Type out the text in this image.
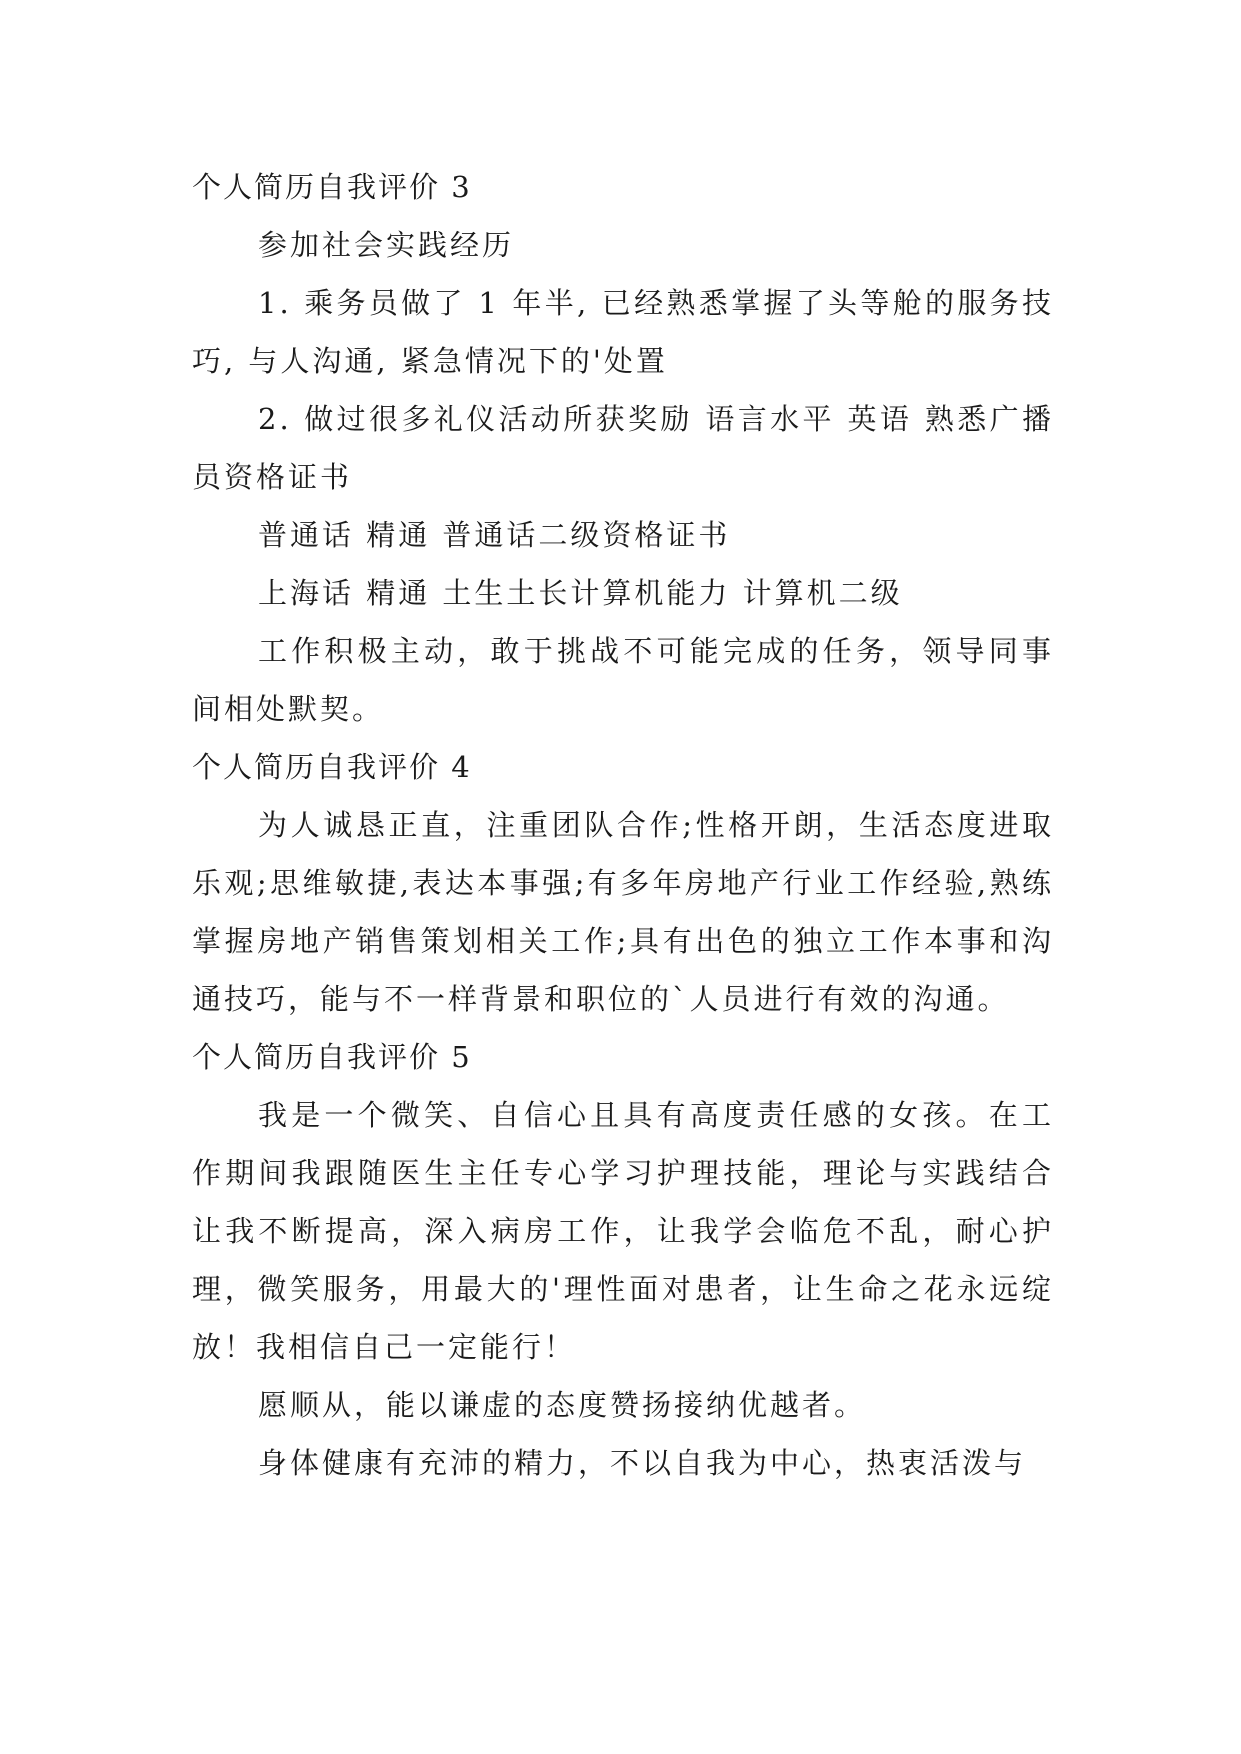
个人简历自我评价 3

参加社会实践经历

1. 乘务员做了 1 年半, 已经熟悉掌握了头等舱的服务技巧, 与人沟通, 紧急情况下的'处置

2. 做过很多礼仪活动所获奖励 语言水平 英语 熟悉广播员资格证书

普通话 精通 普通话二级资格证书

上海话 精通 土生土长计算机能力 计算机二级

工作积极主动，敢于挑战不可能完成的任务，领导同事间相处默契。

个人简历自我评价 4

为人诚恳正直，注重团队合作;性格开朗，生活态度进取乐观;思维敏捷,表达本事强;有多年房地产行业工作经验,熟练掌握房地产销售策划相关工作;具有出色的独立工作本事和沟通技巧，能与不一样背景和职位的`人员进行有效的沟通。

个人简历自我评价 5

我是一个微笑、自信心且具有高度责任感的女孩。在工作期间我跟随医生主任专心学习护理技能，理论与实践结合让我不断提高，深入病房工作，让我学会临危不乱，耐心护理，微笑服务，用最大的'理性面对患者，让生命之花永远绽放！我相信自己一定能行！

愿顺从，能以谦虚的态度赞扬接纳优越者。

身体健康有充沛的精力，不以自我为中心，热衷活泼与
